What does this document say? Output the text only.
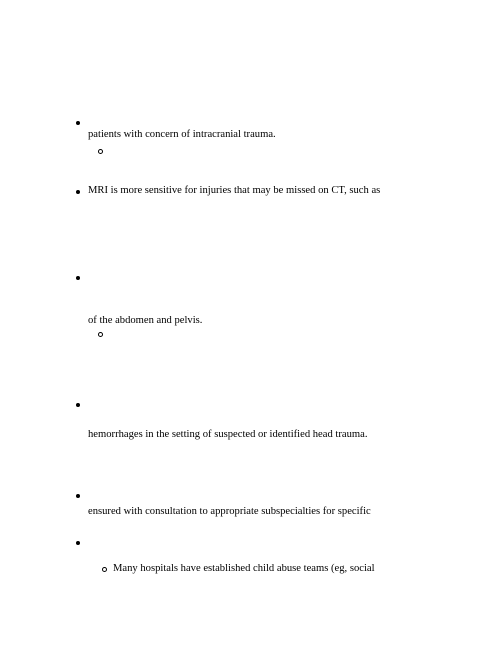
patients with concern of intracranial trauma.
MRI is more sensitive for injuries that may be missed on CT, such as
of the abdomen and pelvis.
hemorrhages in the setting of suspected or identified head trauma.
ensured with consultation to appropriate subspecialties for specific
Many hospitals have established child abuse teams (eg, social
